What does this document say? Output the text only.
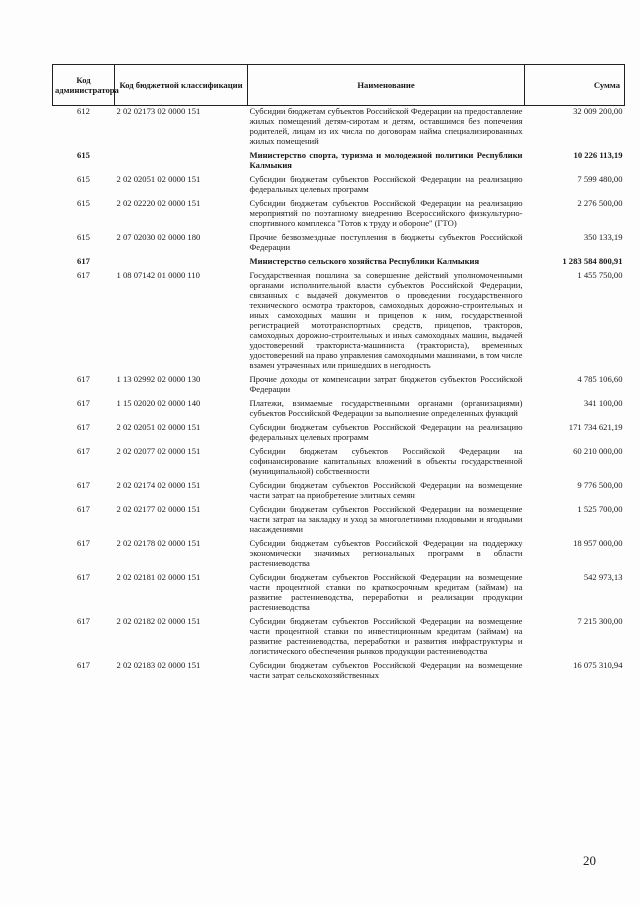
Код администратора	Код бюджетной классификации	Наименование	Сумма
612	2 02 02173 02 0000 151	Субсидии бюджетам субъектов Российской Федерации на предоставление жилых помещений детям-сиротам и детям, оставшимся без попечения родителей, лицам из их числа по договорам найма специализированных жилых помещений	32 009 200,00
615		Министерство спорта, туризма и молодежной политики Республики Калмыкия	10 226 113,19
615	2 02 02051 02 0000 151	Субсидии бюджетам субъектов Российской Федерации на реализацию федеральных целевых программ	7 599 480,00
615	2 02 02220 02 0000 151	Субсидии бюджетам субъектов Российской Федерации на реализацию мероприятий по поэтапному внедрению Всероссийского физкультурно-спортивного комплекса "Готов к труду и обороне" (ГТО)	2 276 500,00
615	2 07 02030 02 0000 180	Прочие безвозмездные поступления в бюджеты субъектов Российской Федерации	350 133,19
617		Министерство сельского хозяйства Республики Калмыкия	1 283 584 800,91
617	1 08 07142 01 0000 110	Государственная пошлина за совершение действий уполномоченными органами исполнительной власти субъектов Российской Федерации, связанных с выдачей документов о проведении государственного технического осмотра тракторов, самоходных дорожно-строительных и иных самоходных машин и прицепов к ним, государственной регистрацией мототранспортных средств, прицепов, тракторов, самоходных дорожно-строительных и иных самоходных машин, выдачей удостоверений тракториста-машиниста (тракториста), временных удостоверений на право управления самоходными машинами, в том числе взамен утраченных или пришедших в негодность	1 455 750,00
617	1 13 02992 02 0000 130	Прочие доходы от компенсации затрат бюджетов субъектов Российской Федерации	4 785 106,60
617	1 15 02020 02 0000 140	Платежи, взимаемые государственными органами (организациями) субъектов Российской Федерации за выполнение определенных функций	341 100,00
617	2 02 02051 02 0000 151	Субсидии бюджетам субъектов Российской Федерации на реализацию федеральных целевых программ	171 734 621,19
617	2 02 02077 02 0000 151	Субсидии бюджетам субъектов Российской Федерации на софинансирование капитальных вложений в объекты государственной (муниципальной) собственности	60 210 000,00
617	2 02 02174 02 0000 151	Субсидии бюджетам субъектов Российской Федерации на возмещение части затрат на приобретение элитных семян	9 776 500,00
617	2 02 02177 02 0000 151	Субсидии бюджетам субъектов Российской Федерации на возмещение части затрат на закладку и уход за многолетними плодовыми и ягодными насаждениями	1 525 700,00
617	2 02 02178 02 0000 151	Субсидии бюджетам субъектов Российской Федерации на поддержку экономически значимых региональных программ в области растениеводства	18 957 000,00
617	2 02 02181 02 0000 151	Субсидии бюджетам субъектов Российской Федерации на возмещение части процентной ставки по краткосрочным кредитам (займам) на развитие растениеводства, переработки и реализации продукции растениеводства	542 973,13
617	2 02 02182 02 0000 151	Субсидии бюджетам субъектов Российской Федерации на возмещение части процентной ставки по инвестиционным кредитам (займам) на развитие растениеводства, переработки и развития инфраструктуры и логистического обеспечения рынков продукции растениеводства	7 215 300,00
617	2 02 02183 02 0000 151	Субсидии бюджетам субъектов Российской Федерации на возмещение части затрат сельскохозяйственных	16 075 310,94
20
